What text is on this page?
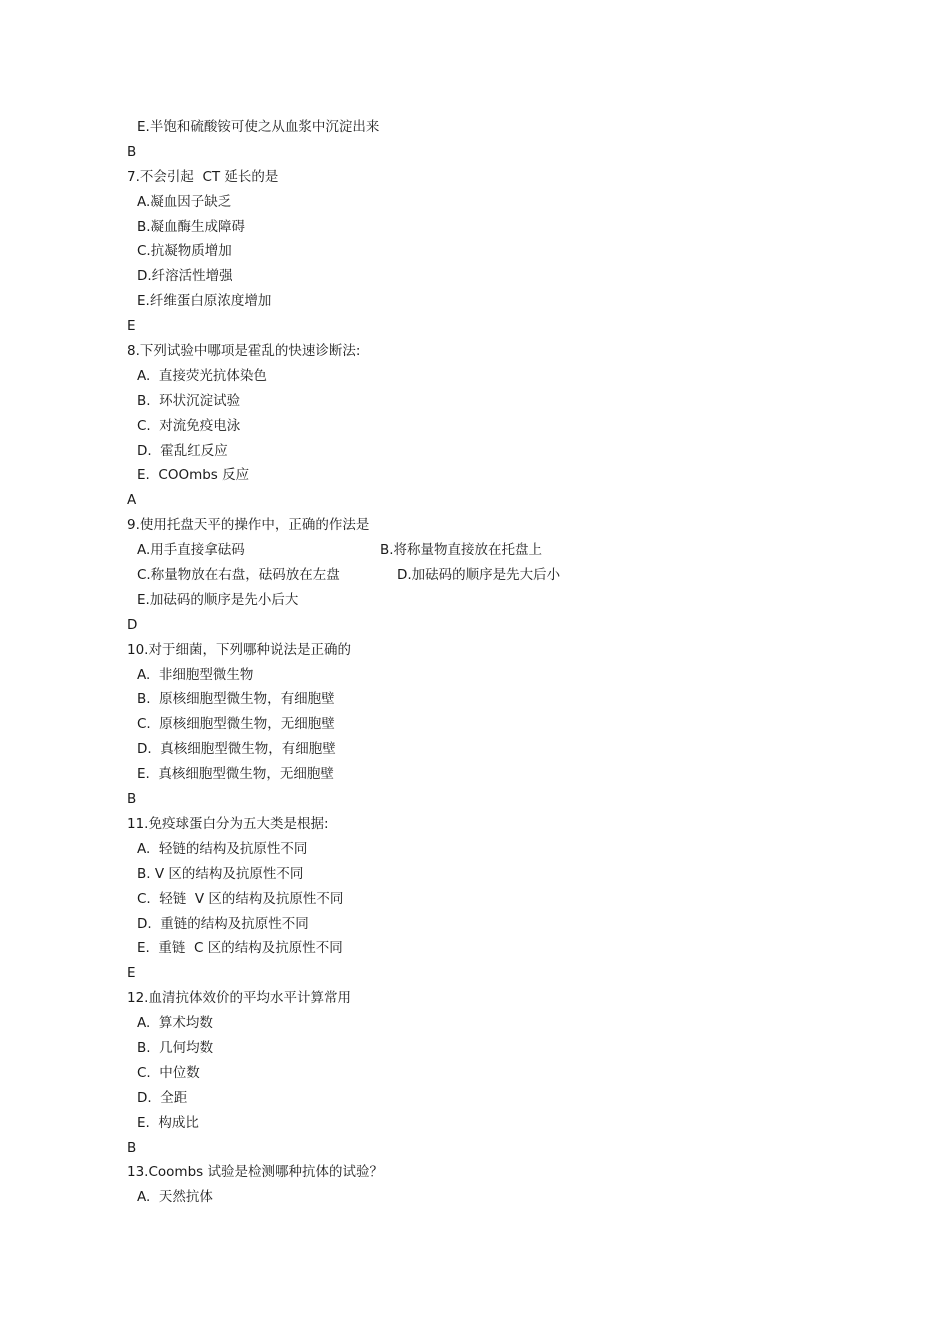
E.半饱和硫酸铵可使之从血浆中沉淀出来
B
7.不会引起  CT 延长的是
A.凝血因子缺乏
B.凝血酶生成障碍
C.抗凝物质增加
D.纤溶活性增强
E.纤维蛋白原浓度增加
E
8.下列试验中哪项是霍乱的快速诊断法:
A.  直接荧光抗体染色
B.  环状沉淀试验
C.  对流免疫电泳
D.  霍乱红反应
E.  COOmbs 反应
A
9.使用托盘天平的操作中，正确的作法是
A.用手直接拿砝码	B.将称量物直接放在托盘上
C.称量物放在右盘，砝码放在左盘	D.加砝码的顺序是先大后小
E.加砝码的顺序是先小后大
D
10.对于细菌，下列哪种说法是正确的
A.  非细胞型微生物
B.  原核细胞型微生物，有细胞壁
C.  原核细胞型微生物，无细胞壁
D.  真核细胞型微生物，有细胞壁
E.  真核细胞型微生物，无细胞壁
B
11.免疫球蛋白分为五大类是根据:
A.  轻链的结构及抗原性不同
B. V 区的结构及抗原性不同
C.  轻链  V 区的结构及抗原性不同
D.  重链的结构及抗原性不同
E.  重链  C 区的结构及抗原性不同
E
12.血清抗体效价的平均水平计算常用
A.  算术均数
B.  几何均数
C.  中位数
D.  全距
E.  构成比
B
13.Coombs 试验是检测哪种抗体的试验？
A.  天然抗体
